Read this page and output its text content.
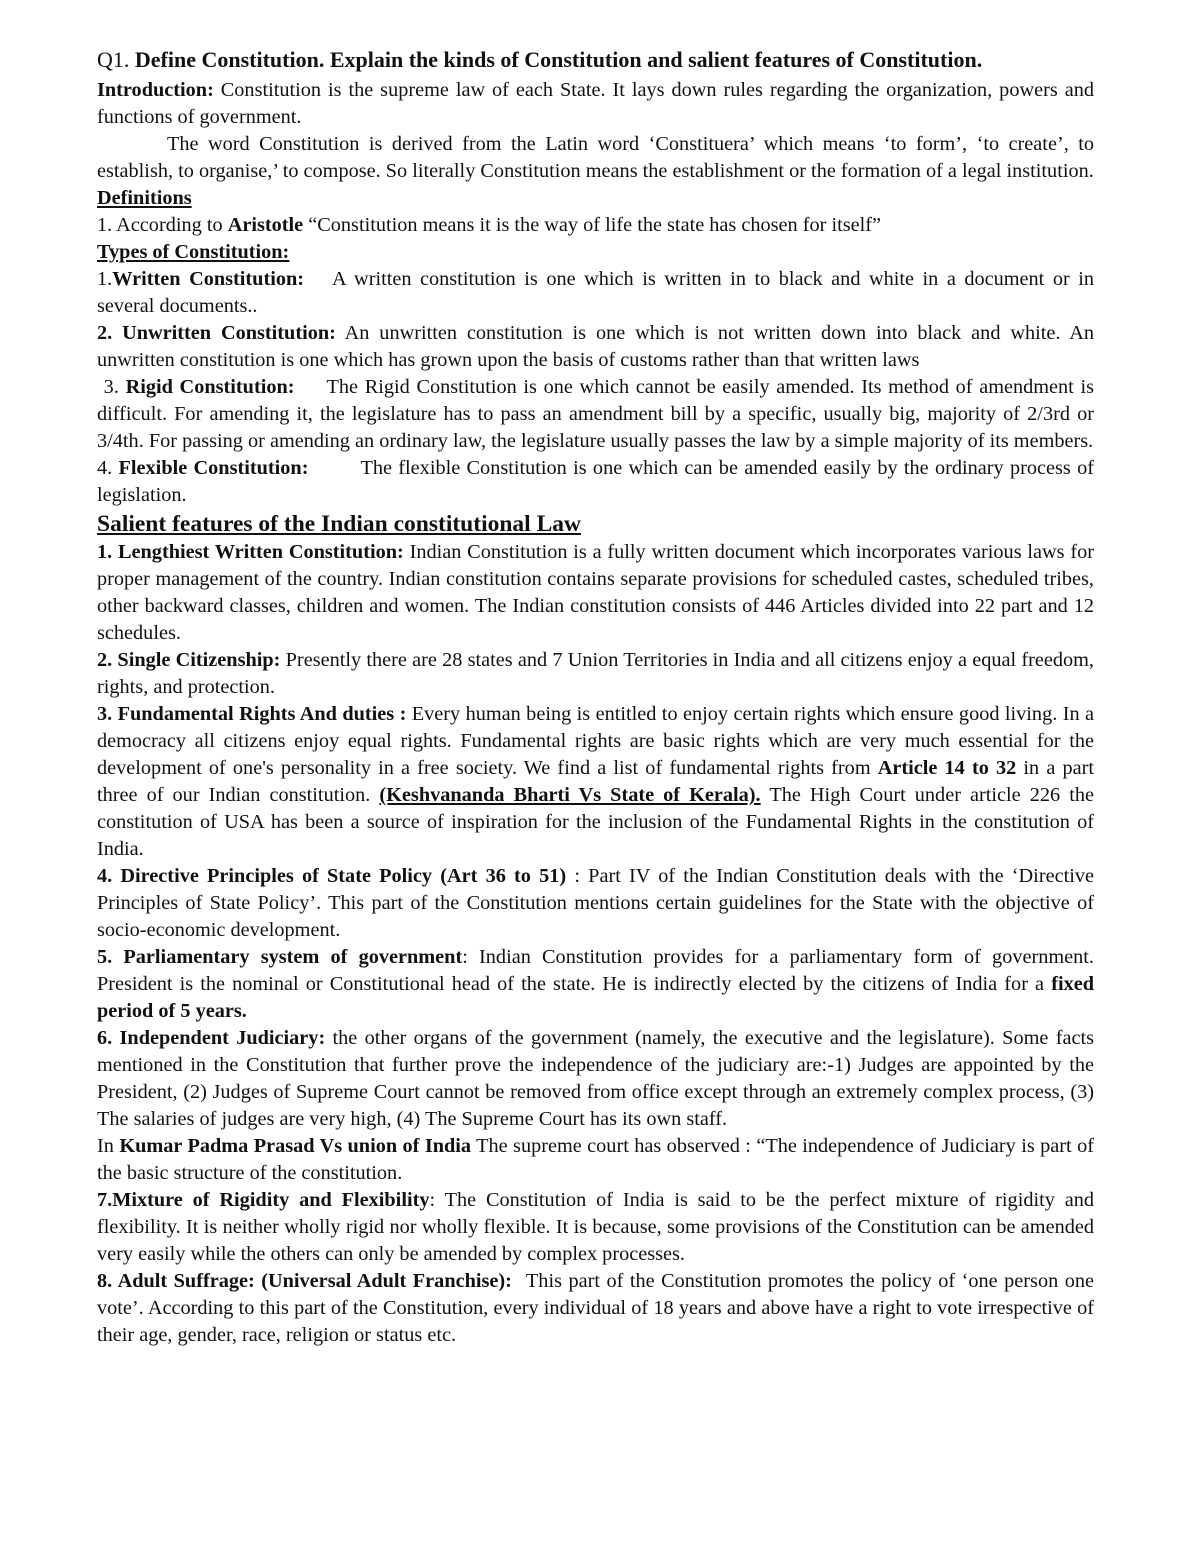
Q1. Define Constitution. Explain the kinds of Constitution and salient features of Constitution.

Introduction: Constitution is the supreme law of each State. It lays down rules regarding the organization, powers and functions of government.

The word Constitution is derived from the Latin word ‘Constituera’ which means ‘to form’, ‘to create’, to establish, to organise,’ to compose. So literally Constitution means the establishment or the formation of a legal institution.

Definitions

1. According to Aristotle “Constitution means it is the way of life the state has chosen for itself”

Types of Constitution:

1.Written Constitution: A written constitution is one which is written in to black and white in a document or in several documents..

2. Unwritten Constitution: An unwritten constitution is one which is not written down into black and white. An unwritten constitution is one which has grown upon the basis of customs rather than that written laws

3. Rigid Constitution: The Rigid Constitution is one which cannot be easily amended. Its method of amendment is difficult. For amending it, the legislature has to pass an amendment bill by a specific, usually big, majority of 2/3rd or 3/4th. For passing or amending an ordinary law, the legislature usually passes the law by a simple majority of its members.

4. Flexible Constitution:	The flexible Constitution is one which can be amended easily by the ordinary process of legislation.

Salient features of the Indian constitutional Law

1. Lengthiest Written Constitution: Indian Constitution is a fully written document which incorporates various laws for proper management of the country. Indian constitution contains separate provisions for scheduled castes, scheduled tribes, other backward classes, children and women. The Indian constitution consists of 446 Articles divided into 22 part and 12 schedules.

2. Single Citizenship: Presently there are 28 states and 7 Union Territories in India and all citizens enjoy a equal freedom, rights, and protection.

3. Fundamental Rights And duties : Every human being is entitled to enjoy certain rights which ensure good living. In a democracy all citizens enjoy equal rights. Fundamental rights are basic rights which are very much essential for the development of one's personality in a free society. We find a list of fundamental rights from Article 14 to 32 in a part three of our Indian constitution. (Keshvananda Bharti Vs State of Kerala). The High Court under article 226 the constitution of USA has been a source of inspiration for the inclusion of the Fundamental Rights in the constitution of India.

4. Directive Principles of State Policy (Art 36 to 51) : Part IV of the Indian Constitution deals with the ‘Directive Principles of State Policy’. This part of the Constitution mentions certain guidelines for the State with the objective of socio-economic development.

5. Parliamentary system of government: Indian Constitution provides for a parliamentary form of government. President is the nominal or Constitutional head of the state. He is indirectly elected by the citizens of India for a fixed period of 5 years.

6. Independent Judiciary: the other organs of the government (namely, the executive and the legislature). Some facts mentioned in the Constitution that further prove the independence of the judiciary are:-1) Judges are appointed by the President, (2) Judges of Supreme Court cannot be removed from office except through an extremely complex process, (3) The salaries of judges are very high, (4) The Supreme Court has its own staff.

In Kumar Padma Prasad Vs union of India The supreme court has observed : “The independence of Judiciary is part of the basic structure of the constitution.

7.Mixture of Rigidity and Flexibility: The Constitution of India is said to be the perfect mixture of rigidity and flexibility. It is neither wholly rigid nor wholly flexible. It is because, some provisions of the Constitution can be amended very easily while the others can only be amended by complex processes.

8. Adult Suffrage: (Universal Adult Franchise): This part of the Constitution promotes the policy of ‘one person one vote’. According to this part of the Constitution, every individual of 18 years and above have a right to vote irrespective of their age, gender, race, religion or status etc.
